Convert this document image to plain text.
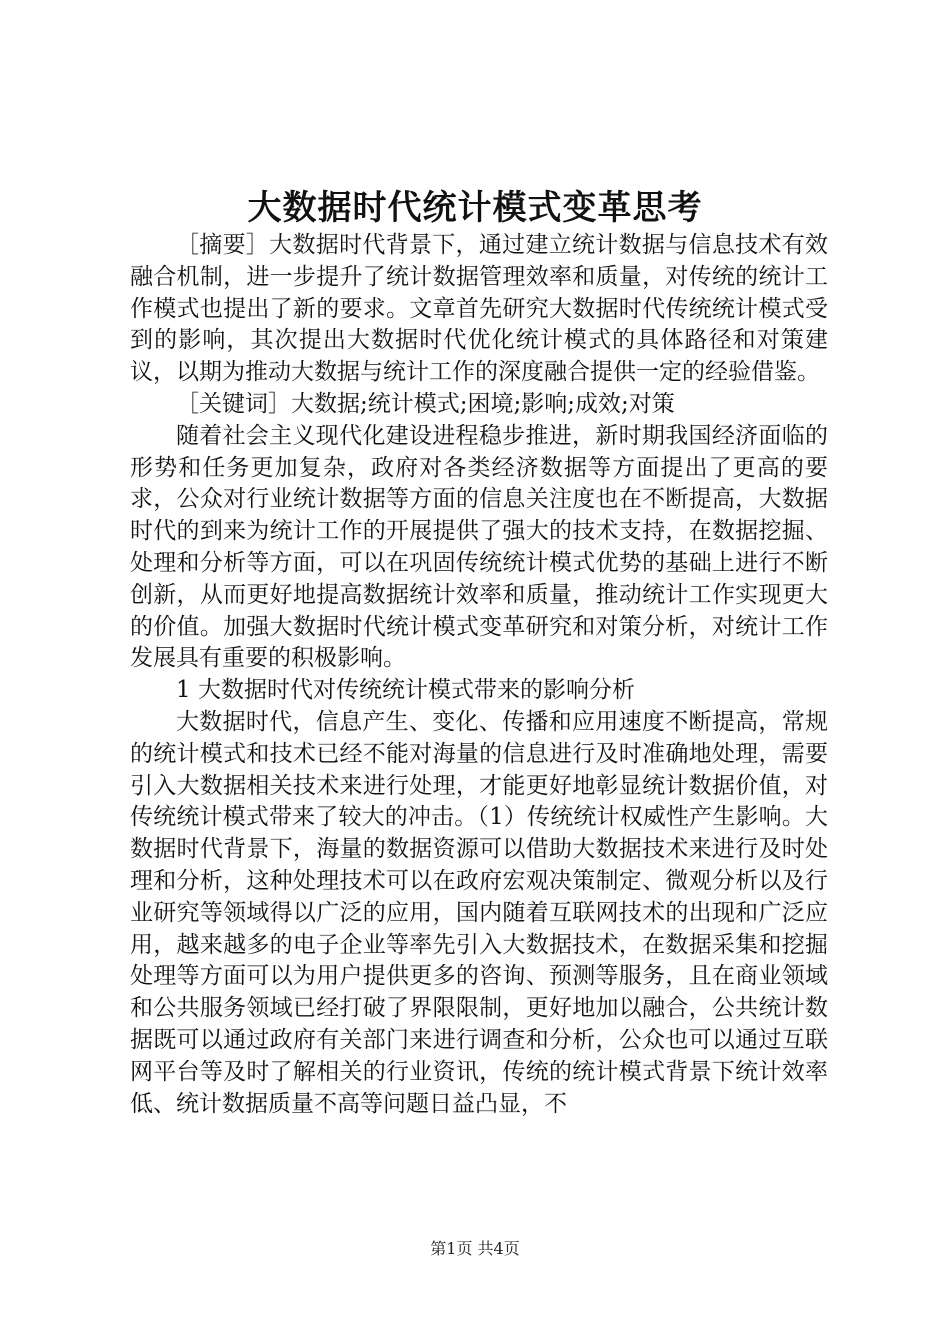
大数据时代统计模式变革思考

［摘要］大数据时代背景下，通过建立统计数据与信息技术有效融合机制，进一步提升了统计数据管理效率和质量，对传统的统计工作模式也提出了新的要求。文章首先研究大数据时代传统统计模式受到的影响，其次提出大数据时代优化统计模式的具体路径和对策建议，以期为推动大数据与统计工作的深度融合提供一定的经验借鉴。

［关键词］大数据;统计模式;困境;影响;成效;对策

随着社会主义现代化建设进程稳步推进，新时期我国经济面临的形势和任务更加复杂，政府对各类经济数据等方面提出了更高的要求，公众对行业统计数据等方面的信息关注度也在不断提高，大数据时代的到来为统计工作的开展提供了强大的技术支持，在数据挖掘、处理和分析等方面，可以在巩固传统统计模式优势的基础上进行不断创新，从而更好地提高数据统计效率和质量，推动统计工作实现更大的价值。加强大数据时代统计模式变革研究和对策分析，对统计工作发展具有重要的积极影响。

1 大数据时代对传统统计模式带来的影响分析

大数据时代，信息产生、变化、传播和应用速度不断提高，常规的统计模式和技术已经不能对海量的信息进行及时准确地处理，需要引入大数据相关技术来进行处理，才能更好地彰显统计数据价值，对传统统计模式带来了较大的冲击。（1）传统统计权威性产生影响。大数据时代背景下，海量的数据资源可以借助大数据技术来进行及时处理和分析，这种处理技术可以在政府宏观决策制定、微观分析以及行业研究等领域得以广泛的应用，国内随着互联网技术的出现和广泛应用，越来越多的电子企业等率先引入大数据技术，在数据采集和挖掘处理等方面可以为用户提供更多的咨询、预测等服务，且在商业领域和公共服务领域已经打破了界限限制，更好地加以融合，公共统计数据既可以通过政府有关部门来进行调查和分析，公众也可以通过互联网平台等及时了解相关的行业资讯，传统的统计模式背景下统计效率低、统计数据质量不高等问题日益凸显，不

第1页 共4页
